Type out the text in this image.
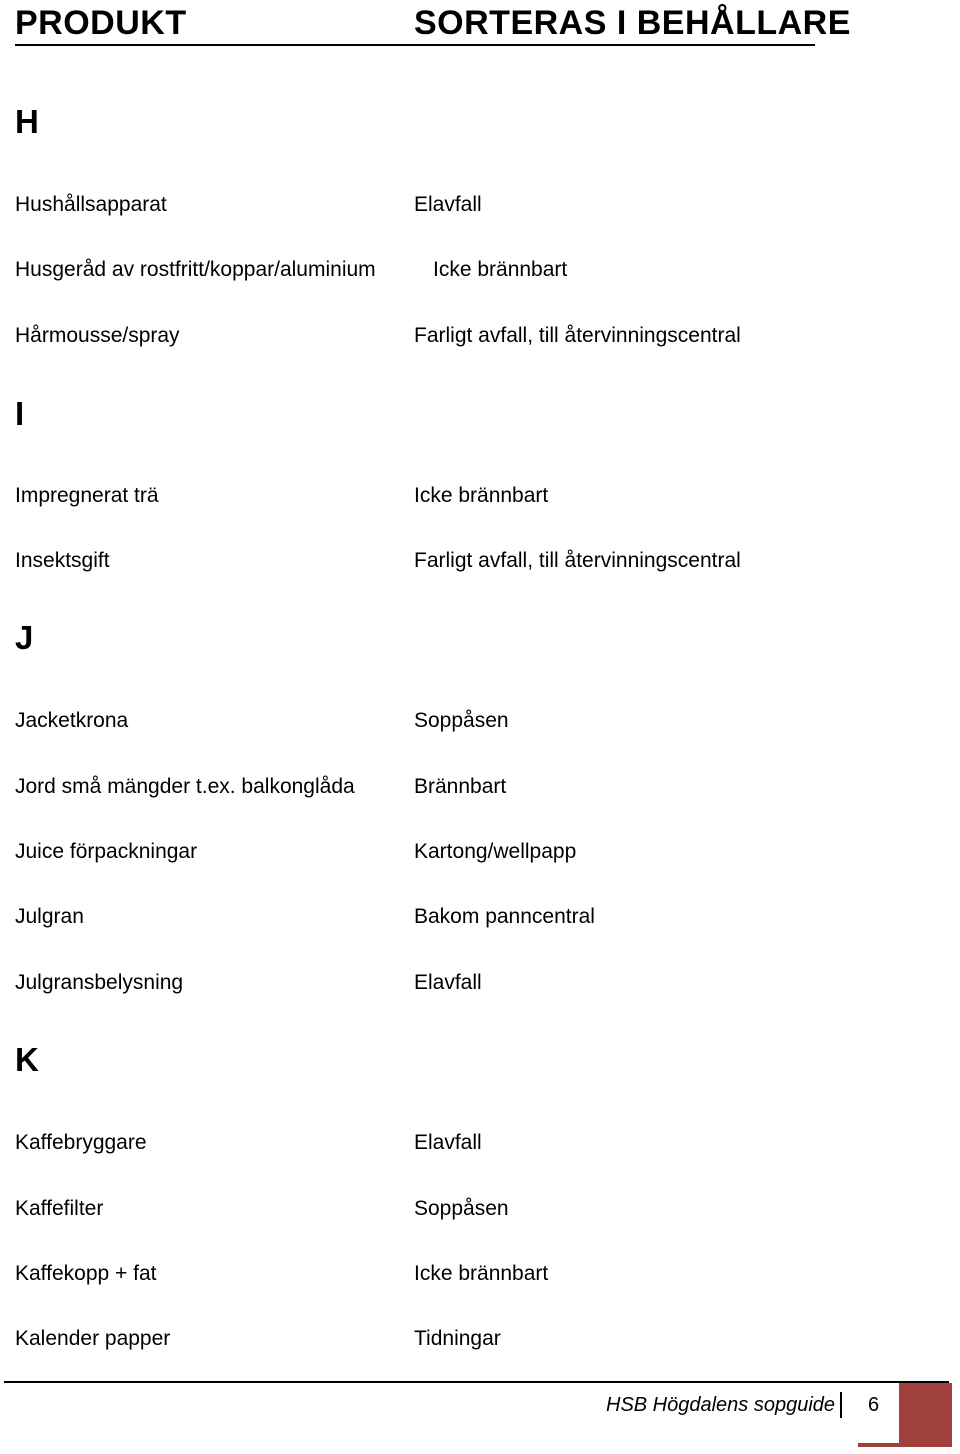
PRODUKT	SORTERAS I BEHÅLLARE
H
Hushållsapparat	Elavfall
Husgeråd av rostfritt/koppar/aluminium	Icke brännbart
Hårmousse/spray	Farligt avfall, till återvinningscentral
I
Impregnerat trä	Icke brännbart
Insektsgift	Farligt avfall, till återvinningscentral
J
Jacketkrona	Soppåsen
Jord små mängder t.ex. balkonglåda	Brännbart
Juice förpackningar	Kartong/wellpapp
Julgran	Bakom panncentral
Julgransbelysning	Elavfall
K
Kaffebryggare	Elavfall
Kaffefilter	Soppåsen
Kaffekopp + fat	Icke brännbart
Kalender papper	Tidningar
HSB Högdalens sopguide 6
